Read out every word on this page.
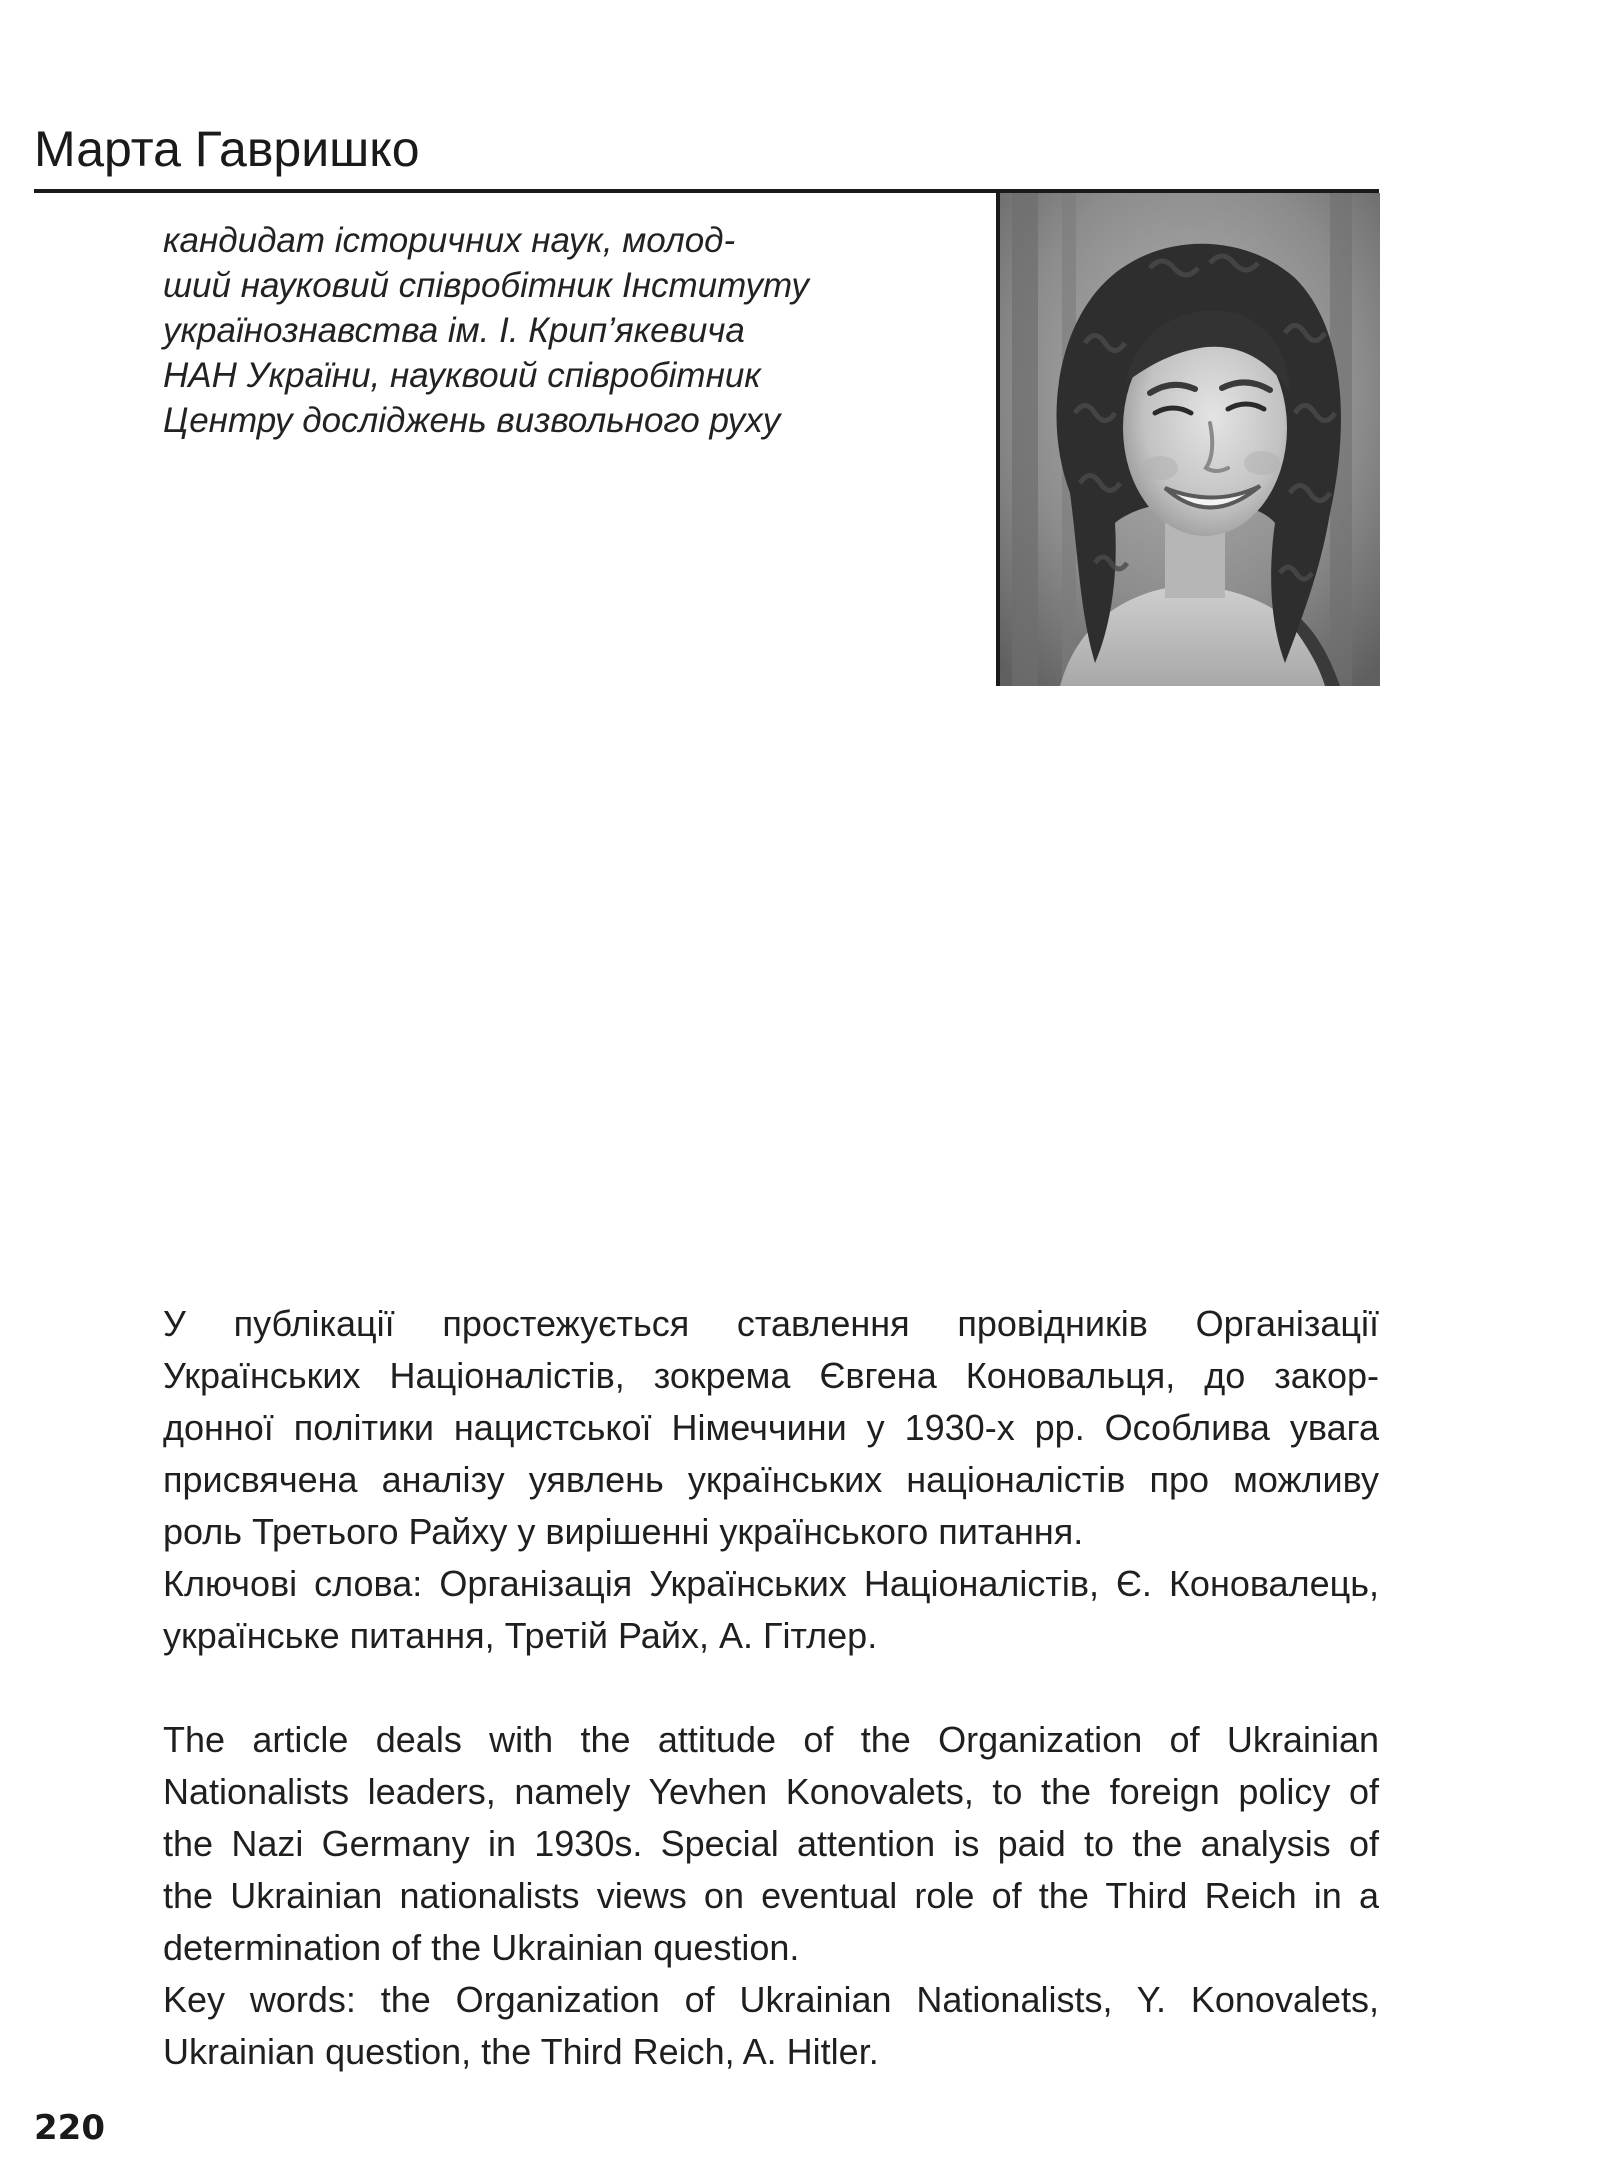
Марта Гавришко
кандидат історичних наук, молод-
ший науковий співробітник Інституту
українознавства ім. І. Крип’якевича
НАН України, науквоий співробітник
Центру досліджень визвольного руху
У публікації простежується ставлення провідників Організації
Українських Націоналістів, зокрема Євгена Коновальця, до закор-
донної політики нацистської Німеччини у 1930-х рр. Особлива увага
присвячена аналізу уявлень українських націоналістів про можливу
роль Третього Райху у вирішенні українського питання.
Ключові слова: Організація Українських Націоналістів, Є. Коновалець,
українське питання, Третій Райх, А. Гітлер.
The article deals with the attitude of the Organization of Ukrainian
Nationalists leaders, namely Yevhen Konovalets, to the foreign policy of
the Nazi Germany in 1930s. Special attention is paid to the analysis of
the Ukrainian nationalists views on eventual role of the Third Reich in a
determination of the Ukrainian question.
Key words: the Organization of Ukrainian Nationalists, Y. Konovalets,
Ukrainian question, the Third Reich, A. Hitler.
220
